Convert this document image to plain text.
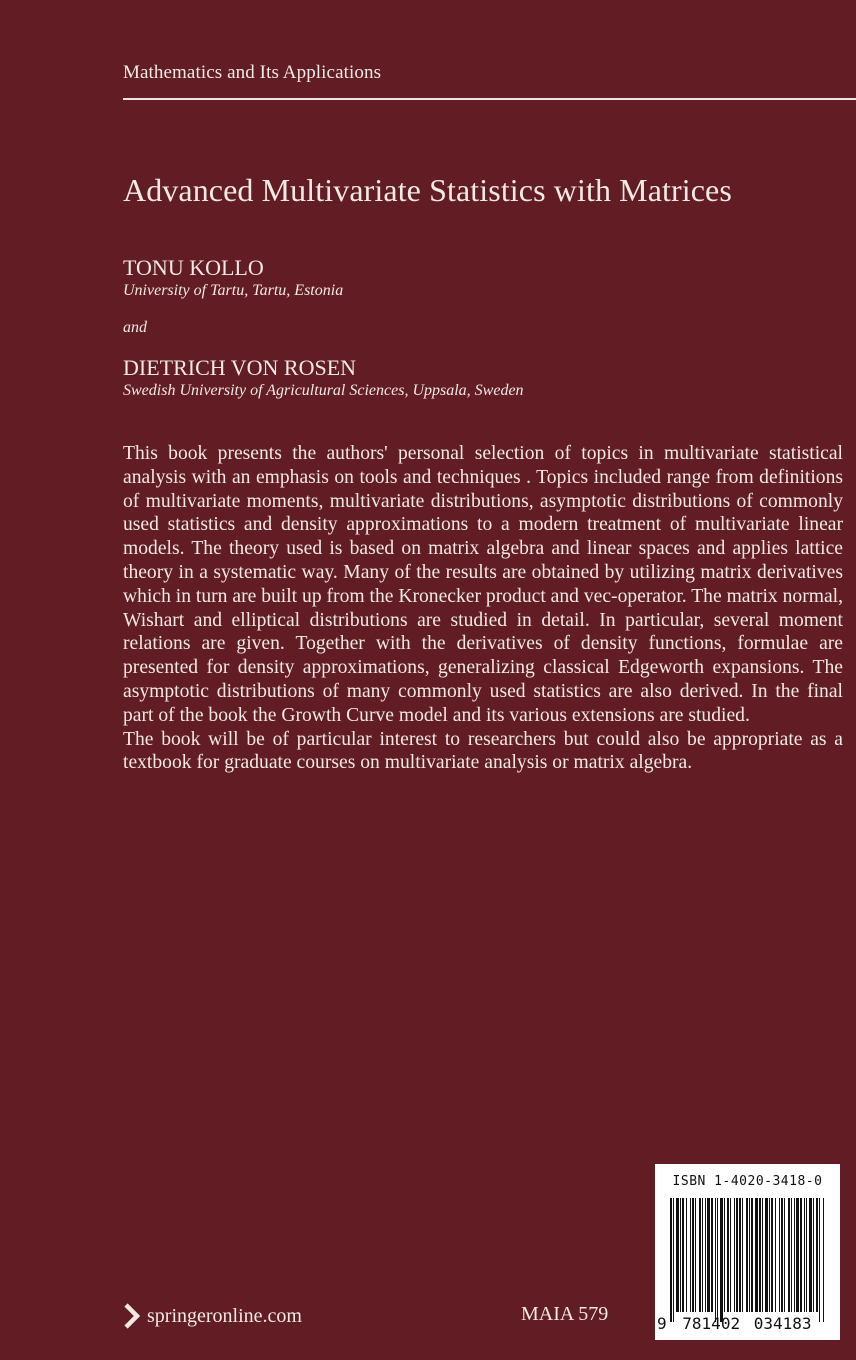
Mathematics and Its Applications
Advanced Multivariate Statistics with Matrices
TONU KOLLO
University of Tartu, Tartu, Estonia
and
DIETRICH VON ROSEN
Swedish University of Agricultural Sciences, Uppsala, Sweden

This book presents the authors' personal selection of topics in multivariate statistical analysis with an emphasis on tools and techniques . Topics included range from definitions of multivariate moments, multivariate distributions, asymptotic distributions of commonly used statistics and density approximations to a modern treatment of multivariate linear models. The theory used is based on matrix algebra and linear spaces and applies lattice theory in a systematic way. Many of the results are obtained by utilizing matrix derivatives which in turn are built up from the Kronecker product and vec-operator. The matrix normal, Wishart and elliptical distributions are studied in detail. In particular, several moment relations are given. Together with the derivatives of density functions, formulae are presented for density approximations, generalizing classical Edgeworth expansions. The asymptotic distributions of many commonly used statistics are also derived. In the final part of the book the Growth Curve model and its various extensions are studied.

The book will be of particular interest to researchers but could also be appropriate as a textbook for graduate courses on multivariate analysis or matrix algebra.

springeronline.com	MAIA 579
ISBN 1-4020-3418-0
9 781402 034183
